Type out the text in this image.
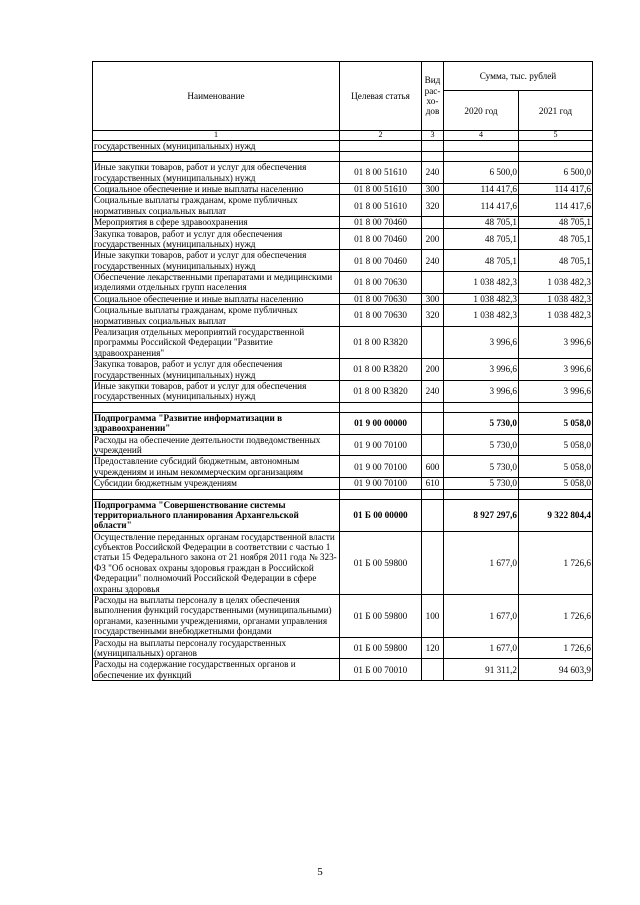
Наименование	Целевая статья	Вид рас-хо-дов	Сумма, тыс. рублей	
			2020 год	2021 год
1	2	3	4	5
государственных (муниципальных) нужд				

Иные закупки товаров, работ и услуг для обеспечения государственных (муниципальных) нужд	01 8 00 51610	240	6 500,0	6 500,0
Социальное обеспечение и иные выплаты населению	01 8 00 51610	300	114 417,6	114 417,6
Социальные выплаты гражданам, кроме публичных нормативных социальных выплат	01 8 00 51610	320	114 417,6	114 417,6
Мероприятия в сфере здравоохранения	01 8 00 70460		48 705,1	48 705,1
Закупка товаров, работ и услуг для обеспечения государственных (муниципальных) нужд	01 8 00 70460	200	48 705,1	48 705,1
Иные закупки товаров, работ и услуг для обеспечения государственных (муниципальных) нужд	01 8 00 70460	240	48 705,1	48 705,1
Обеспечение лекарственными препаратами и медицинскими изделиями отдельных групп населения	01 8 00 70630		1 038 482,3	1 038 482,3
Социальное обеспечение и иные выплаты населению	01 8 00 70630	300	1 038 482,3	1 038 482,3
Социальные выплаты гражданам, кроме публичных нормативных социальных выплат	01 8 00 70630	320	1 038 482,3	1 038 482,3
Реализация отдельных мероприятий государственной программы Российской Федерации "Развитие здравоохранения"	01 8 00 R3820		3 996,6	3 996,6
Закупка товаров, работ и услуг для обеспечения государственных (муниципальных) нужд	01 8 00 R3820	200	3 996,6	3 996,6
Иные закупки товаров, работ и услуг для обеспечения государственных (муниципальных) нужд	01 8 00 R3820	240	3 996,6	3 996,6

Подпрограмма "Развитие информатизации в здравоохранении"	01 9 00 00000		5 730,0	5 058,0
Расходы на обеспечение деятельности подведомственных учреждений	01 9 00 70100		5 730,0	5 058,0
Предоставление субсидий бюджетным, автономным учреждениям и иным некоммерческим организациям	01 9 00 70100	600	5 730,0	5 058,0
Субсидии бюджетным учреждениям	01 9 00 70100	610	5 730,0	5 058,0

Подпрограмма "Совершенствование системы территориального планирования Архангельской области"	01 Б 00 00000		8 927 297,6	9 322 804,4
Осуществление переданных органам государственной власти субъектов Российской Федерации в соответствии с частью 1 статьи 15 Федерального закона от 21 ноября 2011 года № 323-ФЗ "Об основах охраны здоровья граждан в Российской Федерации" полномочий Российской Федерации в сфере охраны здоровья	01 Б 00 59800		1 677,0	1 726,6
Расходы на выплаты персоналу в целях обеспечения выполнения функций государственными (муниципальными) органами, казенными учреждениями, органами управления государственными внебюджетными фондами	01 Б 00 59800	100	1 677,0	1 726,6
Расходы на выплаты персоналу государственных (муниципальных) органов	01 Б 00 59800	120	1 677,0	1 726,6
Расходы на содержание государственных органов и обеспечение их функций	01 Б 00 70010		91 311,2	94 603,9
5
